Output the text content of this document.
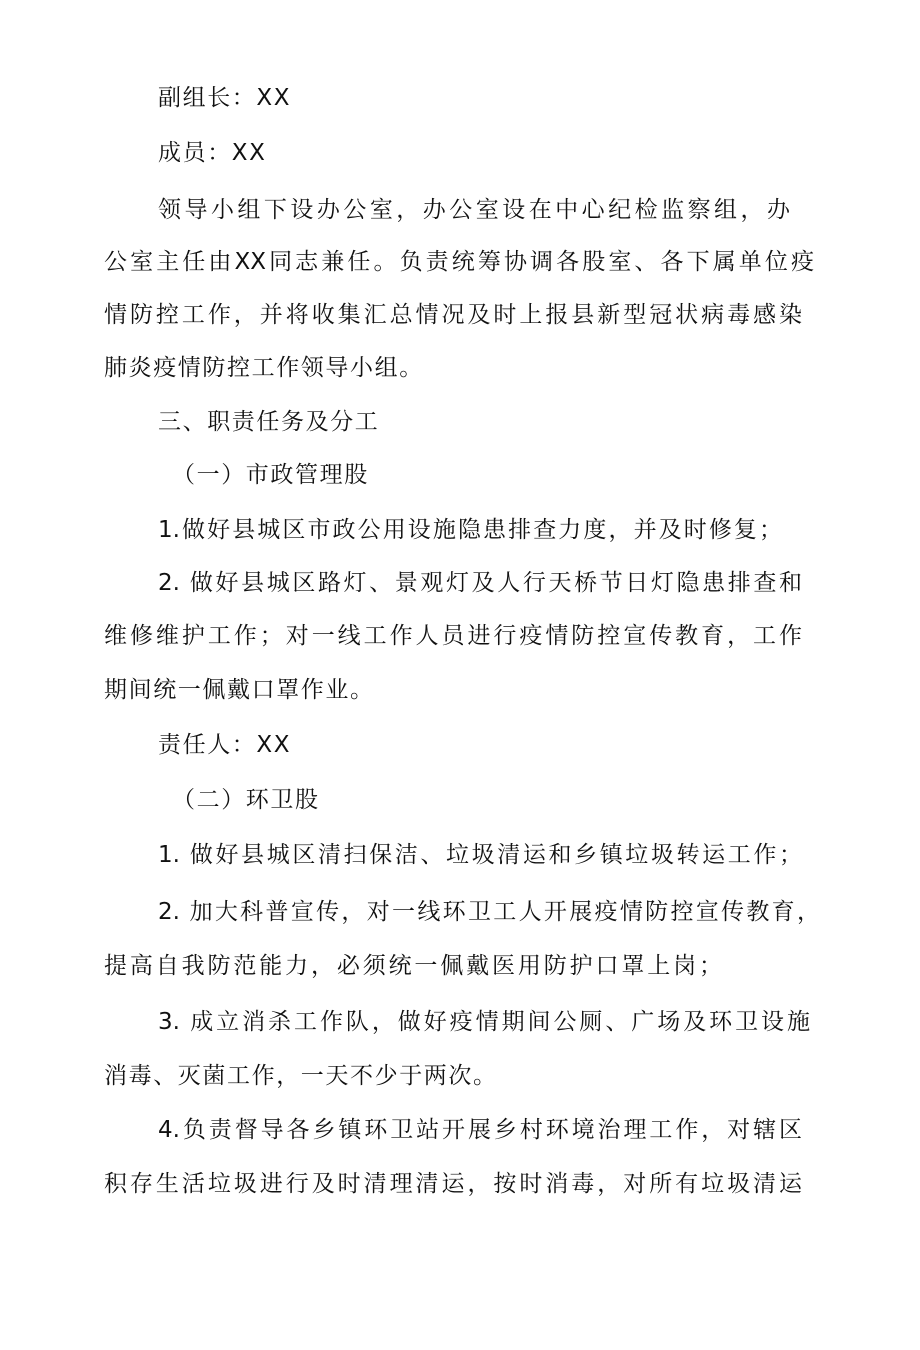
副组长：XX
成员：XX
领导小组下设办公室，办公室设在中心纪检监察组，办
公室主任由XX同志兼任。负责统筹协调各股室、各下属单位疫
情防控工作，并将收集汇总情况及时上报县新型冠状病毒感染
肺炎疫情防控工作领导小组。
三、职责任务及分工
（一）市政管理股
1.做好县城区市政公用设施隐患排查力度，并及时修复；
2. 做好县城区路灯、景观灯及人行天桥节日灯隐患排查和
维修维护工作；对一线工作人员进行疫情防控宣传教育，工作
期间统一佩戴口罩作业。
责任人：XX
（二）环卫股
1. 做好县城区清扫保洁、垃圾清运和乡镇垃圾转运工作；
2. 加大科普宣传，对一线环卫工人开展疫情防控宣传教育，
提高自我防范能力，必须统一佩戴医用防护口罩上岗；
3. 成立消杀工作队，做好疫情期间公厕、广场及环卫设施
消毒、灭菌工作，一天不少于两次。
4.负责督导各乡镇环卫站开展乡村环境治理工作，对辖区
积存生活垃圾进行及时清理清运，按时消毒，对所有垃圾清运
